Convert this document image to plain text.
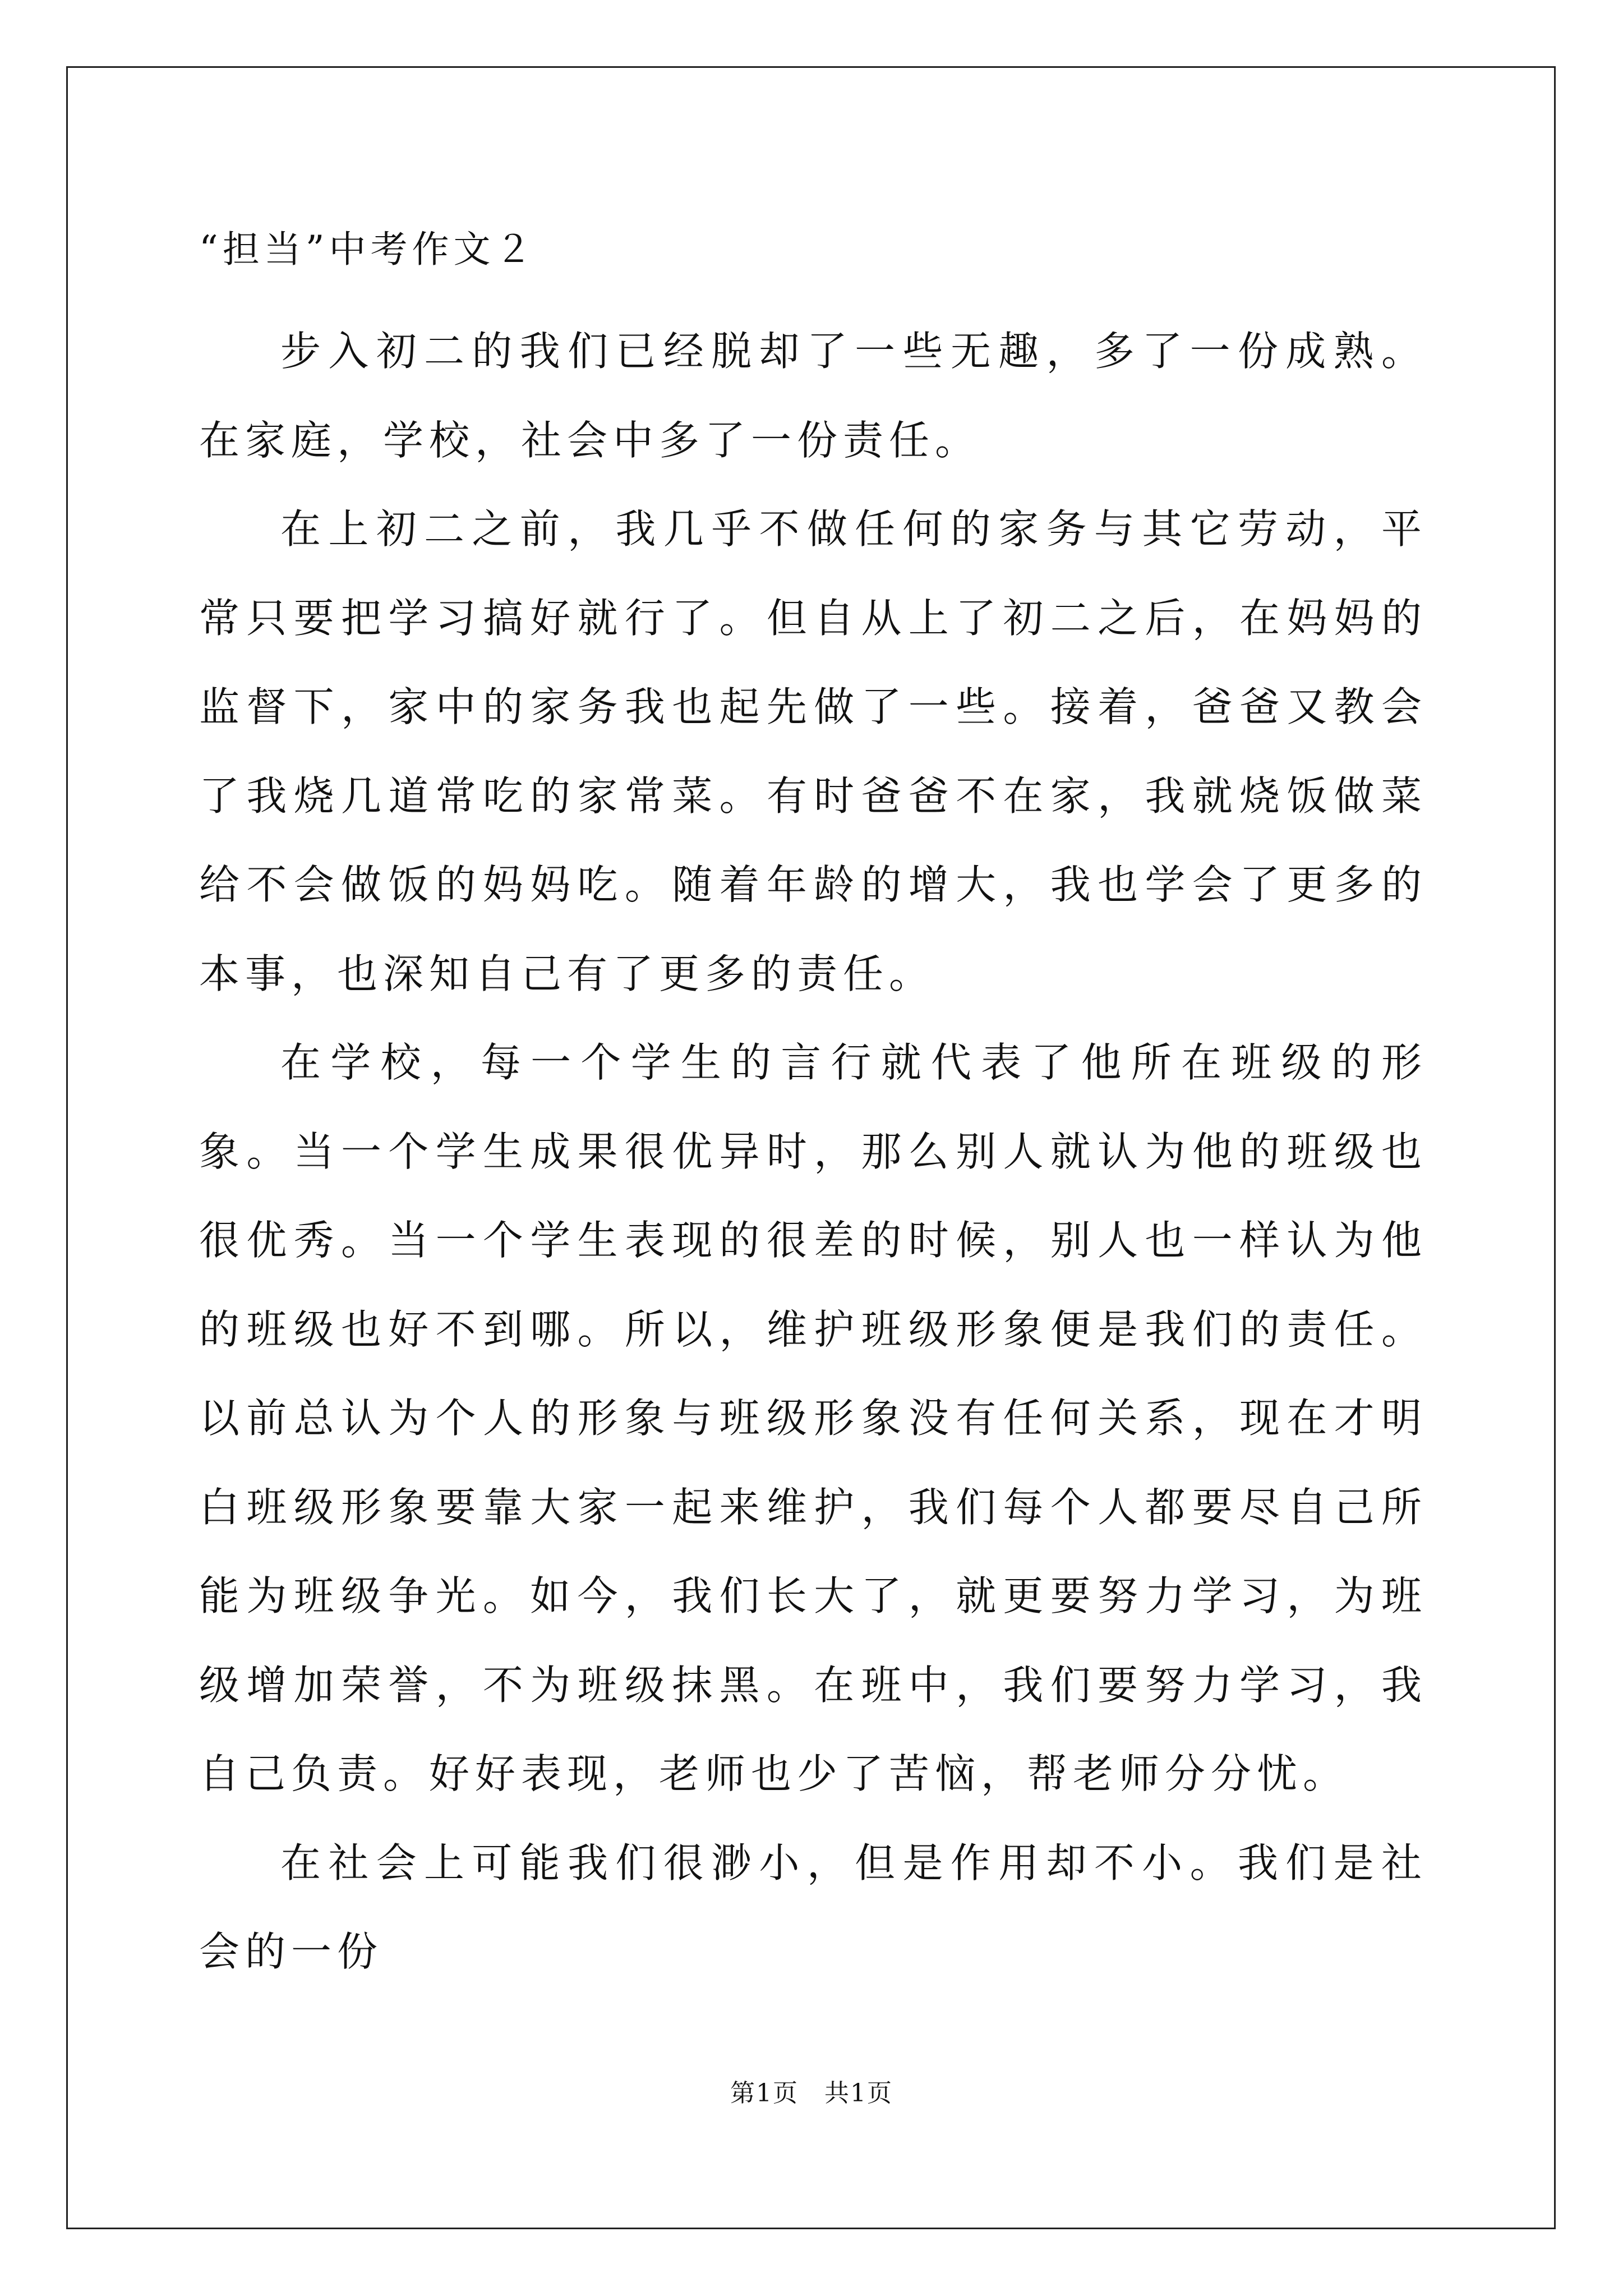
“担当”中考作文２

步入初二的我们已经脱却了一些无趣，多了一份成熟。在家庭，学校，社会中多了一份责任。

在上初二之前，我几乎不做任何的家务与其它劳动，平常只要把学习搞好就行了。但自从上了初二之后，在妈妈的监督下，家中的家务我也起先做了一些。接着，爸爸又教会了我烧几道常吃的家常菜。有时爸爸不在家，我就烧饭做菜给不会做饭的妈妈吃。随着年龄的增大，我也学会了更多的本事，也深知自己有了更多的责任。

在学校，每一个学生的言行就代表了他所在班级的形象。当一个学生成果很优异时，那么别人就认为他的班级也很优秀。当一个学生表现的很差的时候，别人也一样认为他的班级也好不到哪。所以，维护班级形象便是我们的责任。以前总认为个人的形象与班级形象没有任何关系，现在才明白班级形象要靠大家一起来维护，我们每个人都要尽自己所能为班级争光。如今，我们长大了，就更要努力学习，为班级增加荣誉，不为班级抹黑。在班中，我们要努力学习，我自己负责。好好表现，老师也少了苦恼，帮老师分分忧。

在社会上可能我们很渺小，但是作用却不小。我们是社会的一份

第1页　共1页
